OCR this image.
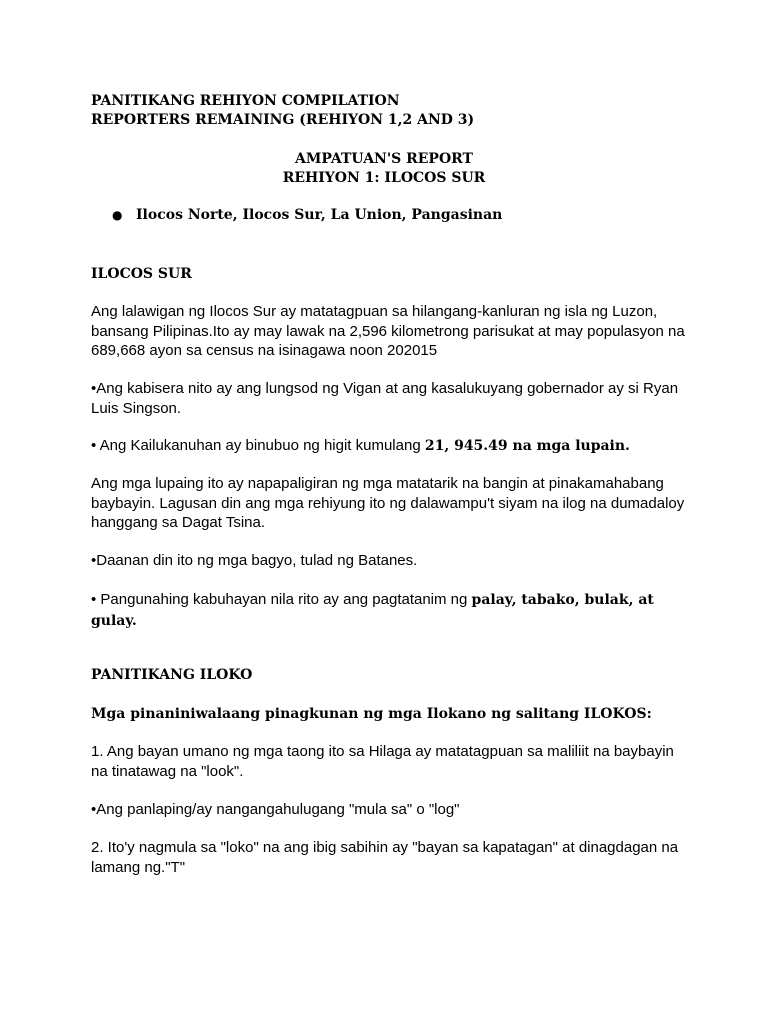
PANITIKANG REHIYON COMPILATION
REPORTERS REMAINING (REHIYON 1,2 AND 3)
AMPATUAN'S REPORT
REHIYON 1: ILOCOS SUR
● Ilocos Norte, Ilocos Sur, La Union, Pangasinan
ILOCOS SUR
Ang lalawigan ng Ilocos Sur ay matatagpuan sa hilangang-kanluran ng isla ng Luzon, bansang Pilipinas.Ito ay may lawak na 2,596 kilometrong parisukat at may populasyon na 689,668 ayon sa census na isinagawa noon 202015
•Ang kabisera nito ay ang lungsod ng Vigan at ang kasalukuyang gobernador ay si Ryan Luis Singson.
• Ang Kailukanuhan ay binubuo ng higit kumulang 21, 945.49 na mga lupain.
Ang mga lupaing ito ay napapaligiran ng mga matatarik na bangin at pinakamahabang baybayin. Lagusan din ang mga rehiyung ito ng dalawampu't siyam na ilog na dumadaloy hanggang sa Dagat Tsina.
•Daanan din ito ng mga bagyo, tulad ng Batanes.
• Pangunahing kabuhayan nila rito ay ang pagtatanim ng palay, tabako, bulak, at gulay.
PANITIKANG ILOKO
Mga pinaniniwalaang pinagkunan ng mga Ilokano ng salitang ILOKOS:
1. Ang bayan umano ng mga taong ito sa Hilaga ay matatagpuan sa maliliit na baybayin na tinatawag na "look".
•Ang panlaping/ay nangangahulugang "mula sa" o "log"
2. Ito'y nagmula sa "loko" na ang ibig sabihin ay "bayan sa kapatagan" at dinagdagan na lamang ng."T"
